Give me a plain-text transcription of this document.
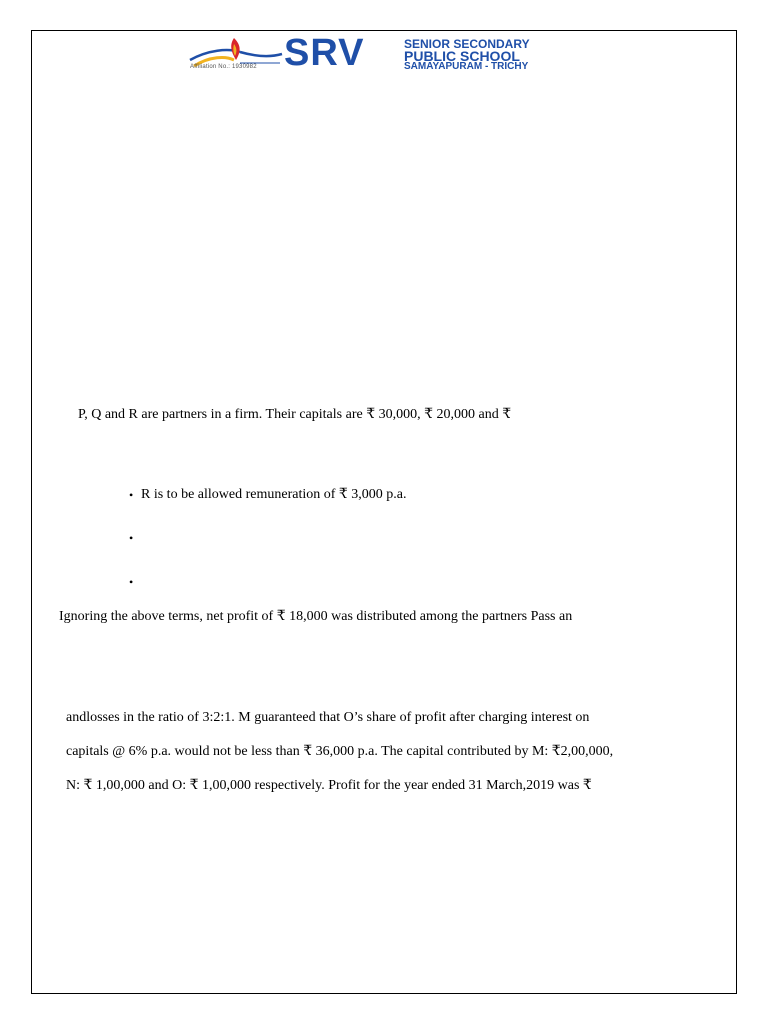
Affiliation No.: 1930982 SRV	SENIOR SECONDARY
PUBLIC SCHOOL
SAMAYAPURAM - TRICHY
P, Q and R are partners in a firm. Their capitals are ₹ 30,000, ₹ 20,000 and ₹
• R is to be allowed remuneration of ₹ 3,000 p.a.
•
•
Ignoring the above terms, net profit of ₹ 18,000 was distributed among the partners Pass an
andlosses in the ratio of 3:2:1. M guaranteed that O’s share of profit after charging interest on
capitals @ 6% p.a. would not be less than ₹ 36,000 p.a. The capital contributed by M: ₹2,00,000,
N: ₹ 1,00,000 and O: ₹ 1,00,000 respectively. Profit for the year ended 31 March,2019 was ₹
